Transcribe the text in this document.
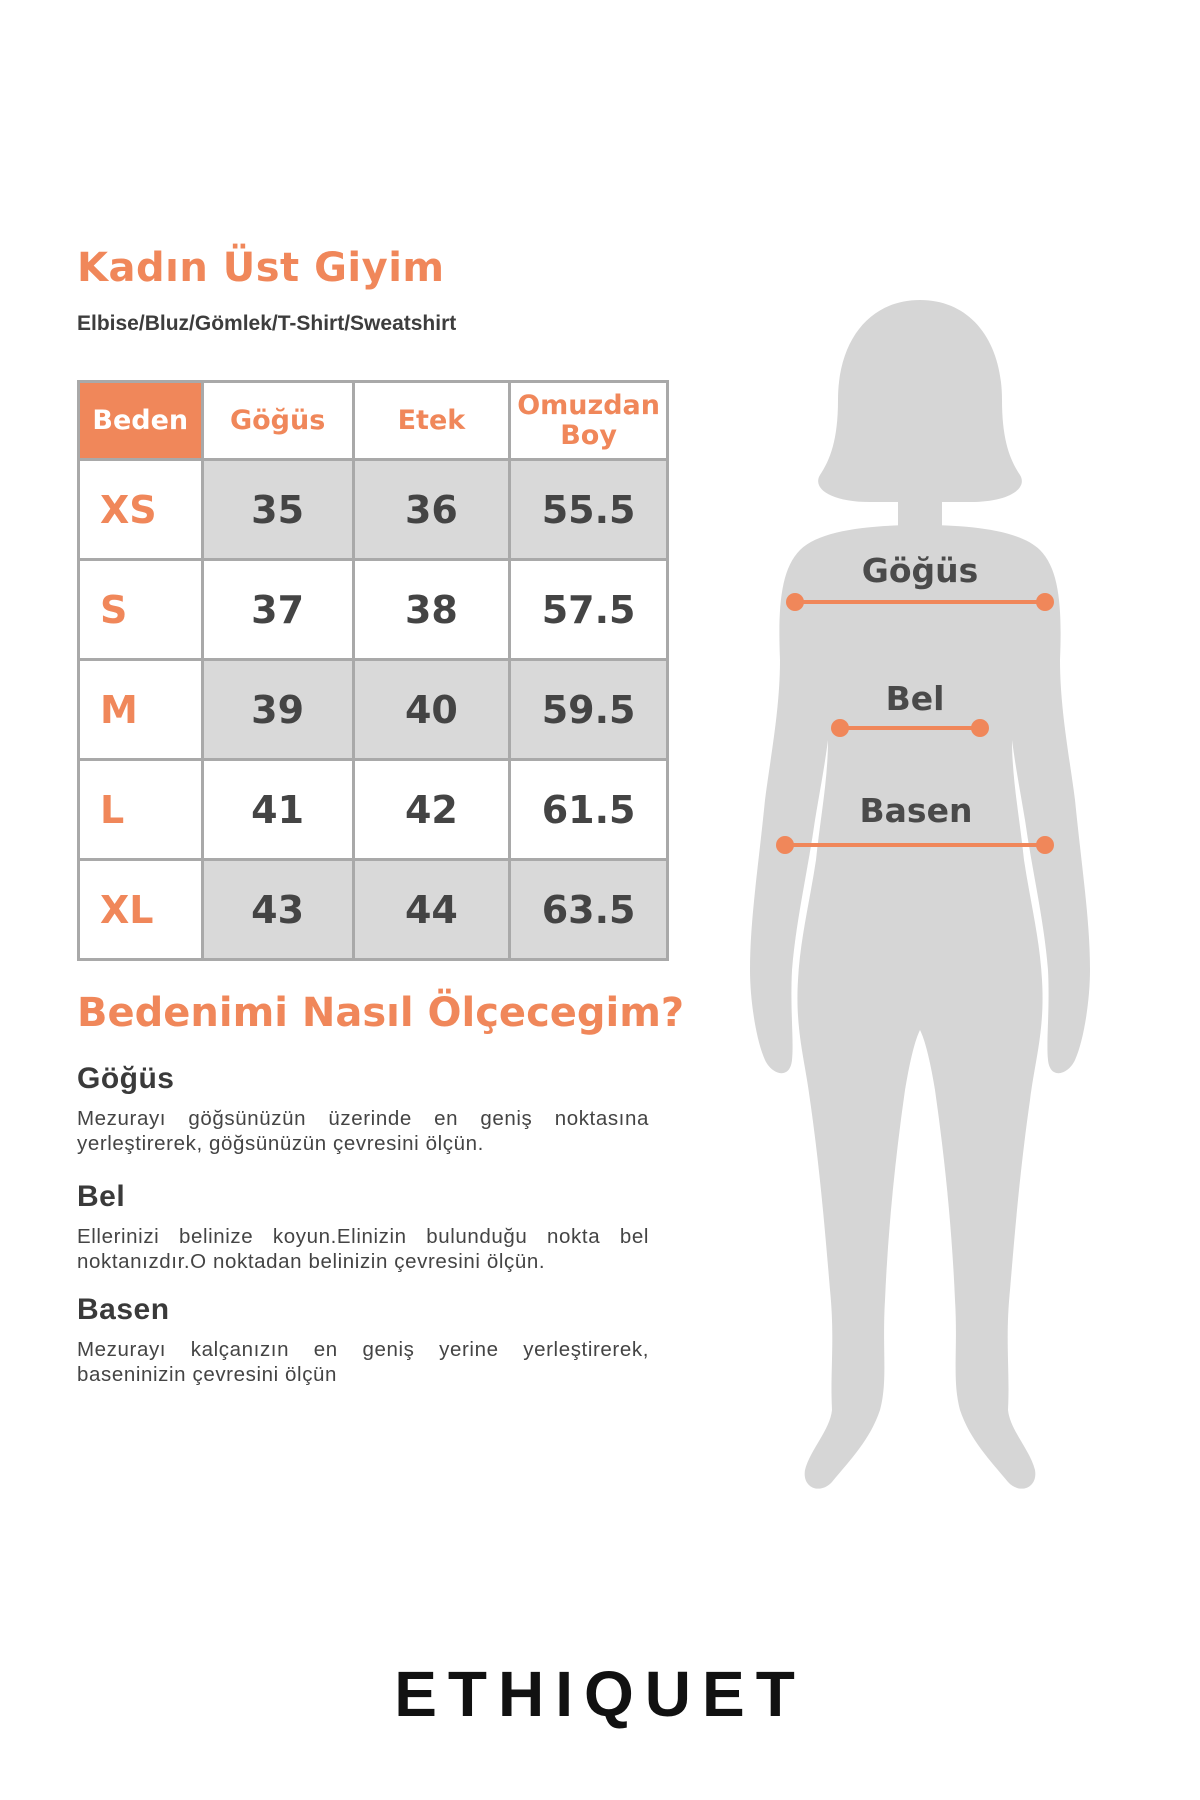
Kadın Üst Giyim
Elbise/Bluz/Gömlek/T-Shirt/Sweatshirt
Beden	Göğüs	Etek	Omuzdan
Boy
XS	35	36	55.5
S	37	38	57.5
M	39	40	59.5
L	41	42	61.5
XL	43	44	63.5
Bedenimi Nasıl Ölçecegim?
Göğüs
Mezurayı göğsünüzün üzerinde en geniş noktasına yerleştirerek, göğsünüzün çevresini ölçün.
Bel
Ellerinizi belinize koyun.Elinizin bulunduğu nokta bel noktanızdır.O noktadan belinizin çevresini ölçün.
Basen
Mezurayı kalçanızın en geniş yerine yerleştirerek, baseninizin çevresini ölçün
Göğüs
Bel
Basen
ETHIQUET
